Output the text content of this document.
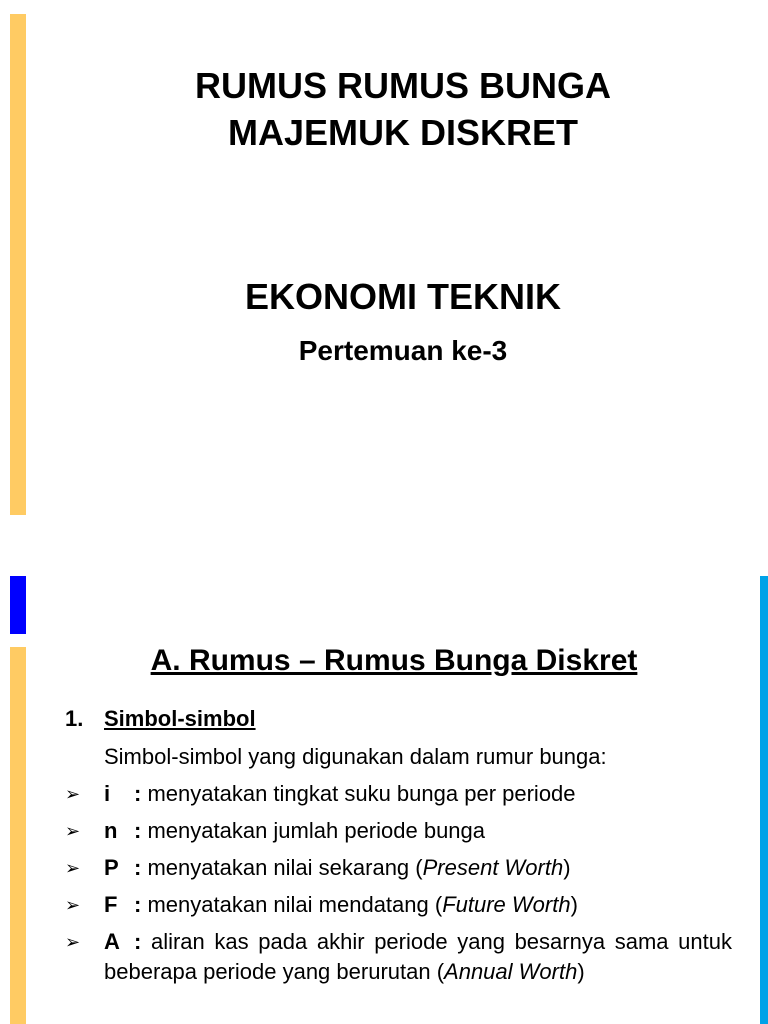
RUMUS RUMUS BUNGA
MAJEMUK DISKRET
EKONOMI TEKNIK
Pertemuan ke-3
A. Rumus – Rumus Bunga Diskret
1. Simbol-simbol
Simbol-simbol yang digunakan dalam rumur bunga:
➢ i : menyatakan tingkat suku bunga per periode
➢ n : menyatakan jumlah periode bunga
➢ P : menyatakan nilai sekarang (Present Worth)
➢ F : menyatakan nilai mendatang (Future Worth)
➢ A : aliran kas pada akhir periode yang besarnya sama untuk beberapa periode yang berurutan (Annual Worth)
